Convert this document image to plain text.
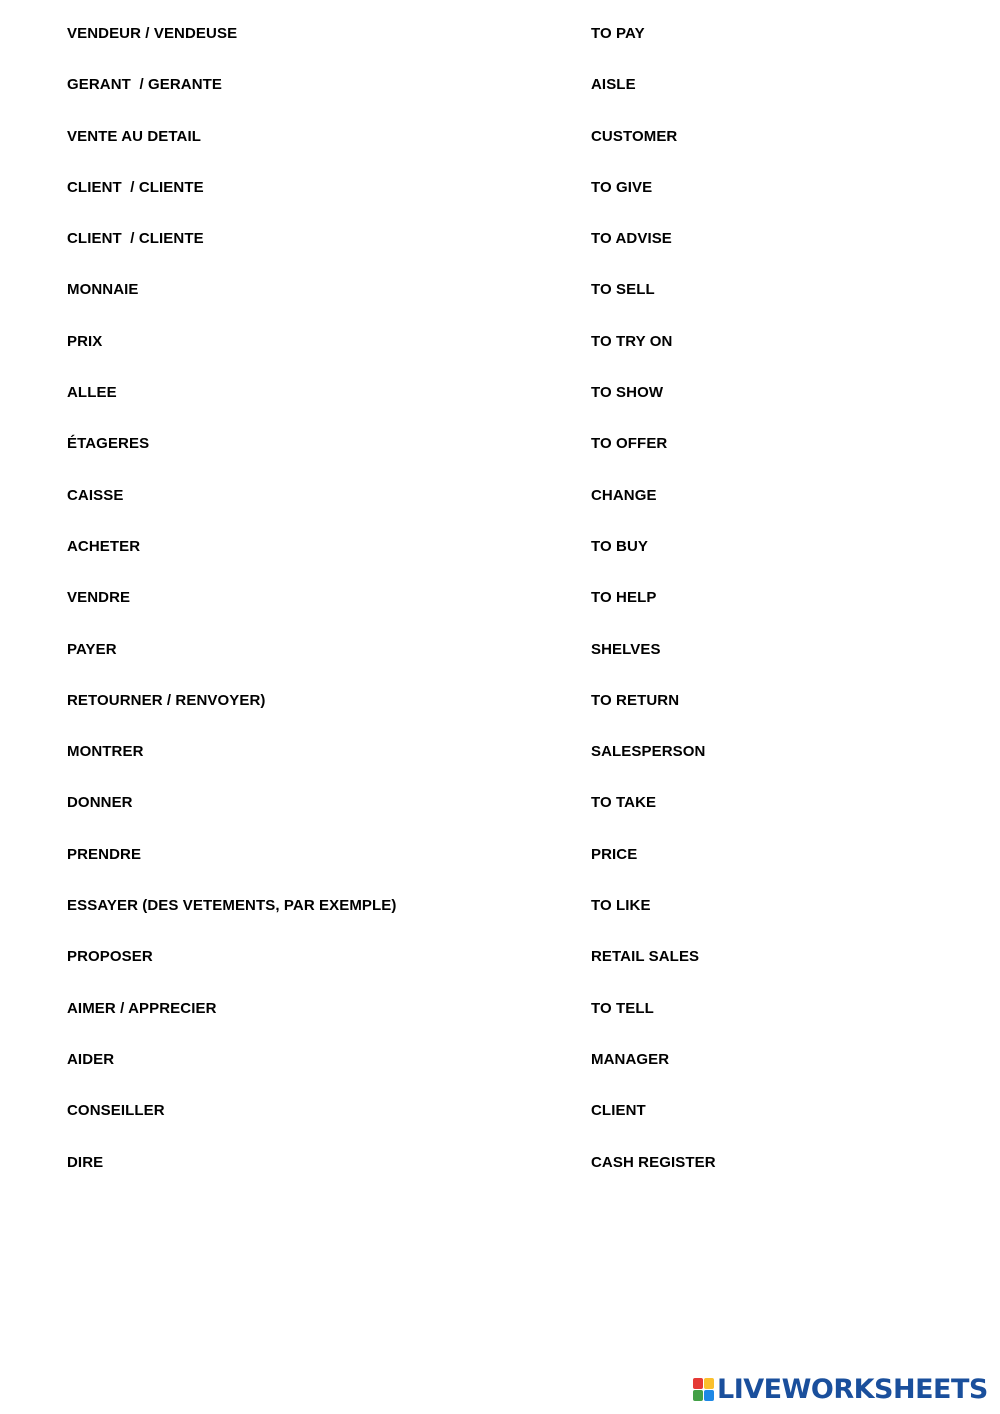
VENDEUR / VENDEUSE
GERANT  / GERANTE
VENTE AU DETAIL
CLIENT  / CLIENTE
CLIENT  / CLIENTE
MONNAIE
PRIX
ALLEE
ÉTAGERES
CAISSE
ACHETER
VENDRE
PAYER
RETOURNER / RENVOYER)
MONTRER
DONNER
PRENDRE
ESSAYER (DES VETEMENTS, PAR EXEMPLE)
PROPOSER
AIMER / APPRECIER
AIDER
CONSEILLER
DIRE
TO PAY
AISLE
CUSTOMER
TO GIVE
TO ADVISE
TO SELL
TO TRY ON
TO SHOW
TO OFFER
CHANGE
TO BUY
TO HELP
SHELVES
TO RETURN
SALESPERSON
TO TAKE
PRICE
TO LIKE
RETAIL SALES
TO TELL
MANAGER
CLIENT
CASH REGISTER
LIVEWORKSHEETS
